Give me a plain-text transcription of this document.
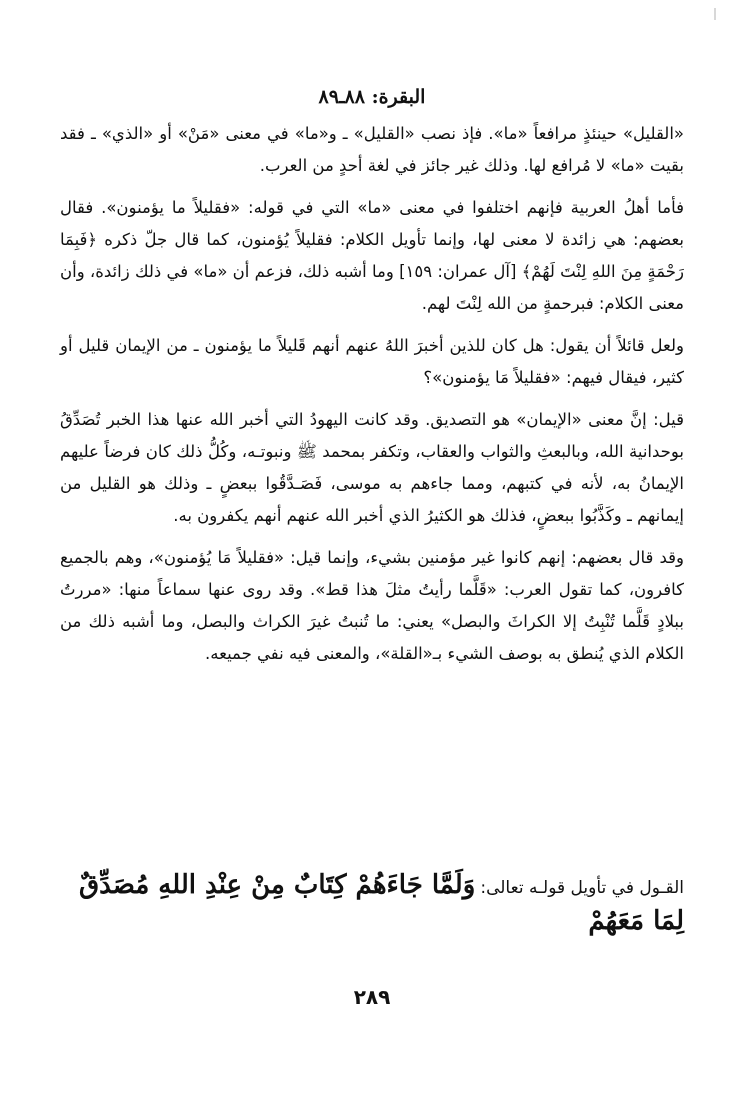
البقرة: ٨٨ـ٨٩

«القليل» حينئذٍ مرافعاً «ما». فإذ نصب «القليل» ـ و«ما» في معنى «مَنْ» أو «الذي» ـ فقد بقيت «ما» لا مُرافع لها. وذلك غير جائز في لغة أحدٍ من العرب.

فأما أهلُ العربية فإنهم اختلفوا في معنى «ما» التي في قوله: «فقليلاً ما يؤمنون». فقال بعضهم: هي زائدة لا معنى لها، وإنما تأويل الكلام: فقليلاً يُؤمنون، كما قال جلّ ذكره ﴿فَبِمَا رَحْمَةٍ مِنَ اللهِ لِنْتَ لَهُمْ﴾ [آل عمران: ١٥٩] وما أشبه ذلك، فزعم أن «ما» في ذلك زائدة، وأن معنى الكلام: فبرحمةٍ من الله لِنْتَ لهم.

ولعل قائلاً أن يقول: هل كان للذين أخبرَ اللهُ عنهم أنهم قَليلاً ما يؤمنون ـ من الإيمان قليل أو كثير، فيقال فيهم: «فقليلاً مَا يؤمنون»؟

قيل: إنَّ معنى «الإيمان» هو التصديق. وقد كانت اليهودُ التي أخبر الله عنها هذا الخبر تُصَدِّقُ بوحدانية الله، وبالبعثِ والثواب والعقاب، وتكفر بمحمد ﷺ ونبوتـه، وكُلُّ ذلك كان فرضاً عليهم الإيمانُ به، لأنه في كتبهم، ومما جاءهم به موسى، فَصَـدَّقُوا ببعضٍ ـ وذلك هو القليل من إيمانهم ـ وكَذَّبُوا ببعضٍ، فذلك هو الكثيرُ الذي أخبر الله عنهم أنهم يكفرون به.

وقد قال بعضهم: إنهم كانوا غير مؤمنين بشيء، وإنما قيل: «فقليلاً مَا يُؤمنون»، وهم بالجميع كافرون، كما تقول العرب: «قَلَّما رأيتُ مثلَ هذا قط». وقد روى عنها سماعاً منها: «مررتُ ببلادٍ قَلَّما تُنْبِتُ إلا الكراثَ والبصل» يعني: ما تُنبتُ غيرَ الكراث والبصل، وما أشبه ذلك من الكلام الذي يُنطق به بوصف الشيء بـ«القلة»، والمعنى فيه نفي جميعه.

القـول في تأويل قولـه تعالى: وَلَمَّا جَاءَهُمْ كِتَابٌ مِنْ عِنْدِ اللهِ مُصَدِّقٌ
لِمَا مَعَهُمْ
٢٨٩
